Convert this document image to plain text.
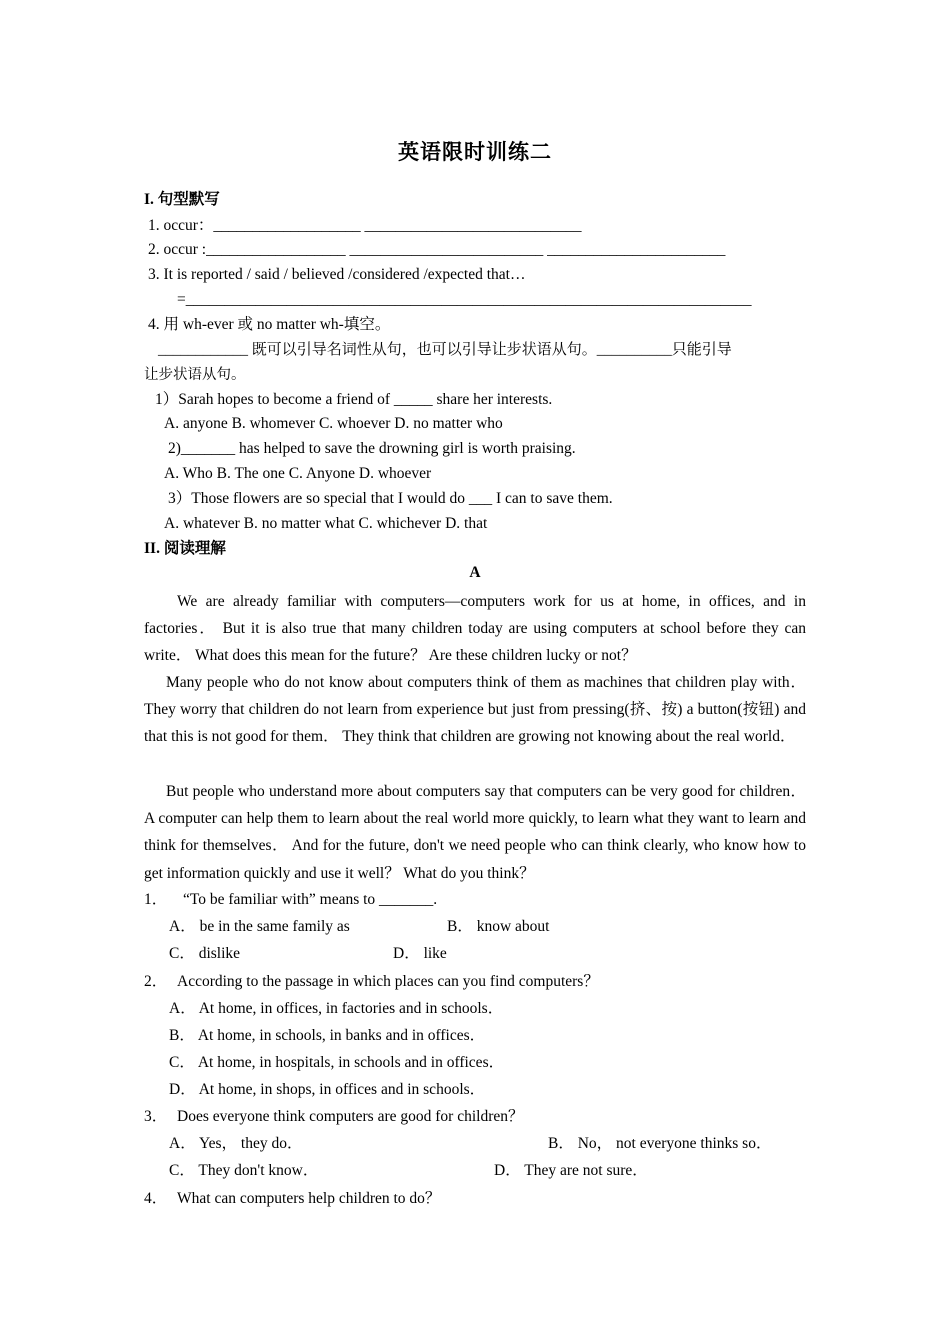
英语限时训练二
I. 句型默写
1. occur：___________________ ____________________________
2. occur :__________________ _________________________ _______________________
3. It is reported / said / believed /considered /expected that…
=_________________________________________________________________________
4. 用 wh-ever 或 no matter wh-填空。
____________ 既可以引导名词性从句，也可以引导让步状语从句。__________只能引导
让步状语从句。
1）Sarah hopes to become a friend of _____ share her interests.
A. anyone B. whomever C. whoever D. no matter who
2)_______ has helped to save the drowning girl is worth praising.
A. Who B. The one C. Anyone D. whoever
3）Those flowers are so special that I would do ___ I can to save them.
A. whatever B. no matter what C. whichever D. that
II. 阅读理解
A
We are already familiar with computers—computers work for us at home, in offices, and in factories． But it is also true that many children today are using computers at school before they can write． What does this mean for the future？ Are these children lucky or not？
Many people who do not know about computers think of them as machines that children play with． They worry that children do not learn from experience but just from pressing(挤、按) a button(按钮) and that this is not good for them． They think that children are growing not knowing about the real world．
But people who understand more about computers say that computers can be very good for children． A computer can help them to learn about the real world more quickly, to learn what they want to learn and think for themselves． And for the future, don't we need people who can think clearly, who know how to get information quickly and use it well？ What do you think？
1． “To be familiar with” means to _______.
A． be in the same family as	B． know about
C． dislike	D． like
2． According to the passage in which places can you find computers？
A． At home, in offices, in factories and in schools．
B． At home, in schools, in banks and in offices．
C． At home, in hospitals, in schools and in offices．
D． At home, in shops, in offices and in schools．
3． Does everyone think computers are good for children？
A． Yes， they do．	B． No， not everyone thinks so．
C． They don't know．	D． They are not sure．
4． What can computers help children to do？
